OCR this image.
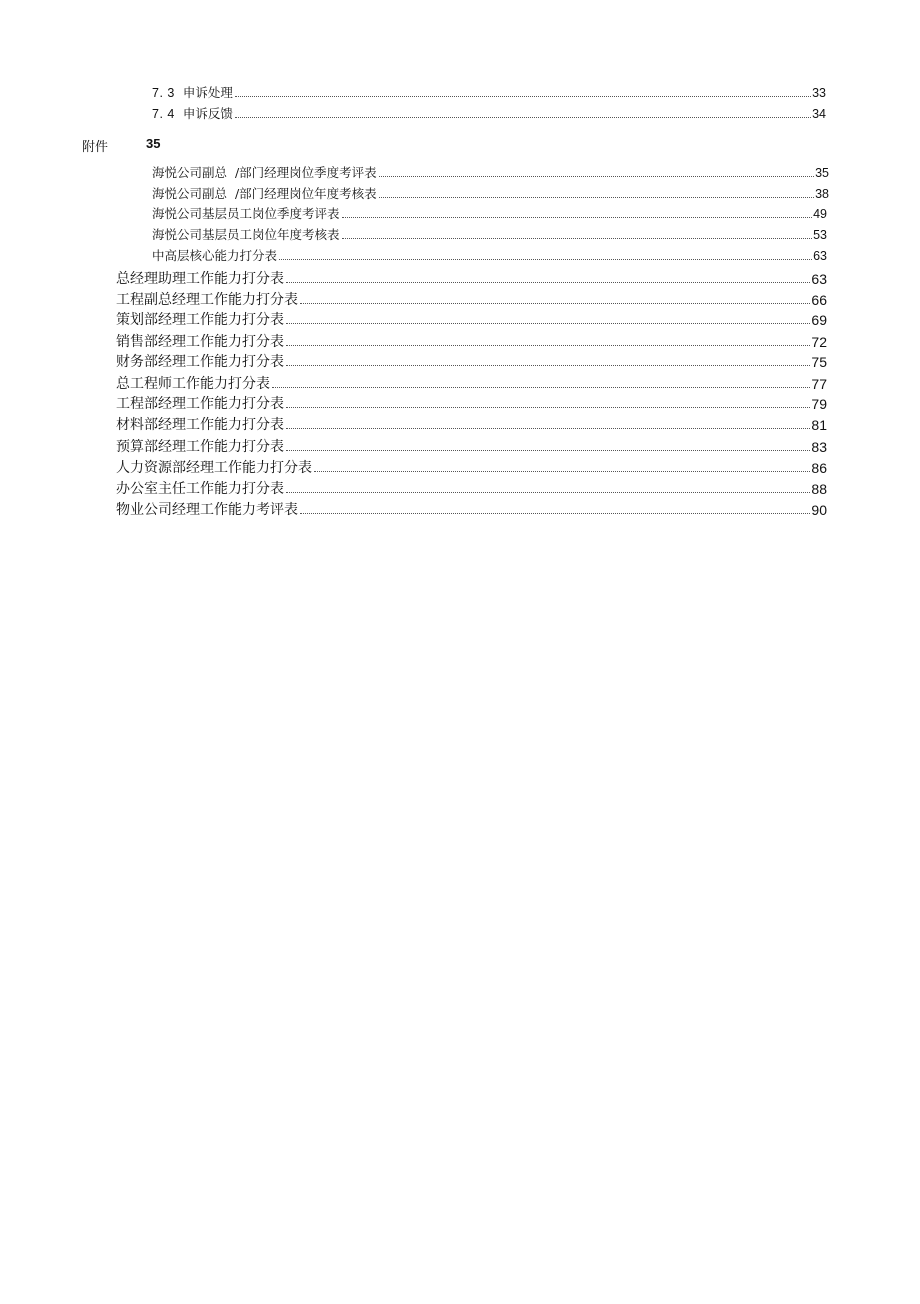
7. 3 申诉处理	33
7. 4 申诉反馈	34
附件	35
海悦公司副总  /部门经理岗位季度考评表	35
海悦公司副总  /部门经理岗位年度考核表	38
海悦公司基层员工岗位季度考评表	49
海悦公司基层员工岗位年度考核表	53
中高层核心能力打分表	63
总经理助理工作能力打分表	63
工程副总经理工作能力打分表	66
策划部经理工作能力打分表	69
销售部经理工作能力打分表	72
财务部经理工作能力打分表	75
总工程师工作能力打分表	77
工程部经理工作能力打分表	79
材料部经理工作能力打分表	81
预算部经理工作能力打分表	83
人力资源部经理工作能力打分表	86
办公室主任工作能力打分表	88
物业公司经理工作能力考评表	90
